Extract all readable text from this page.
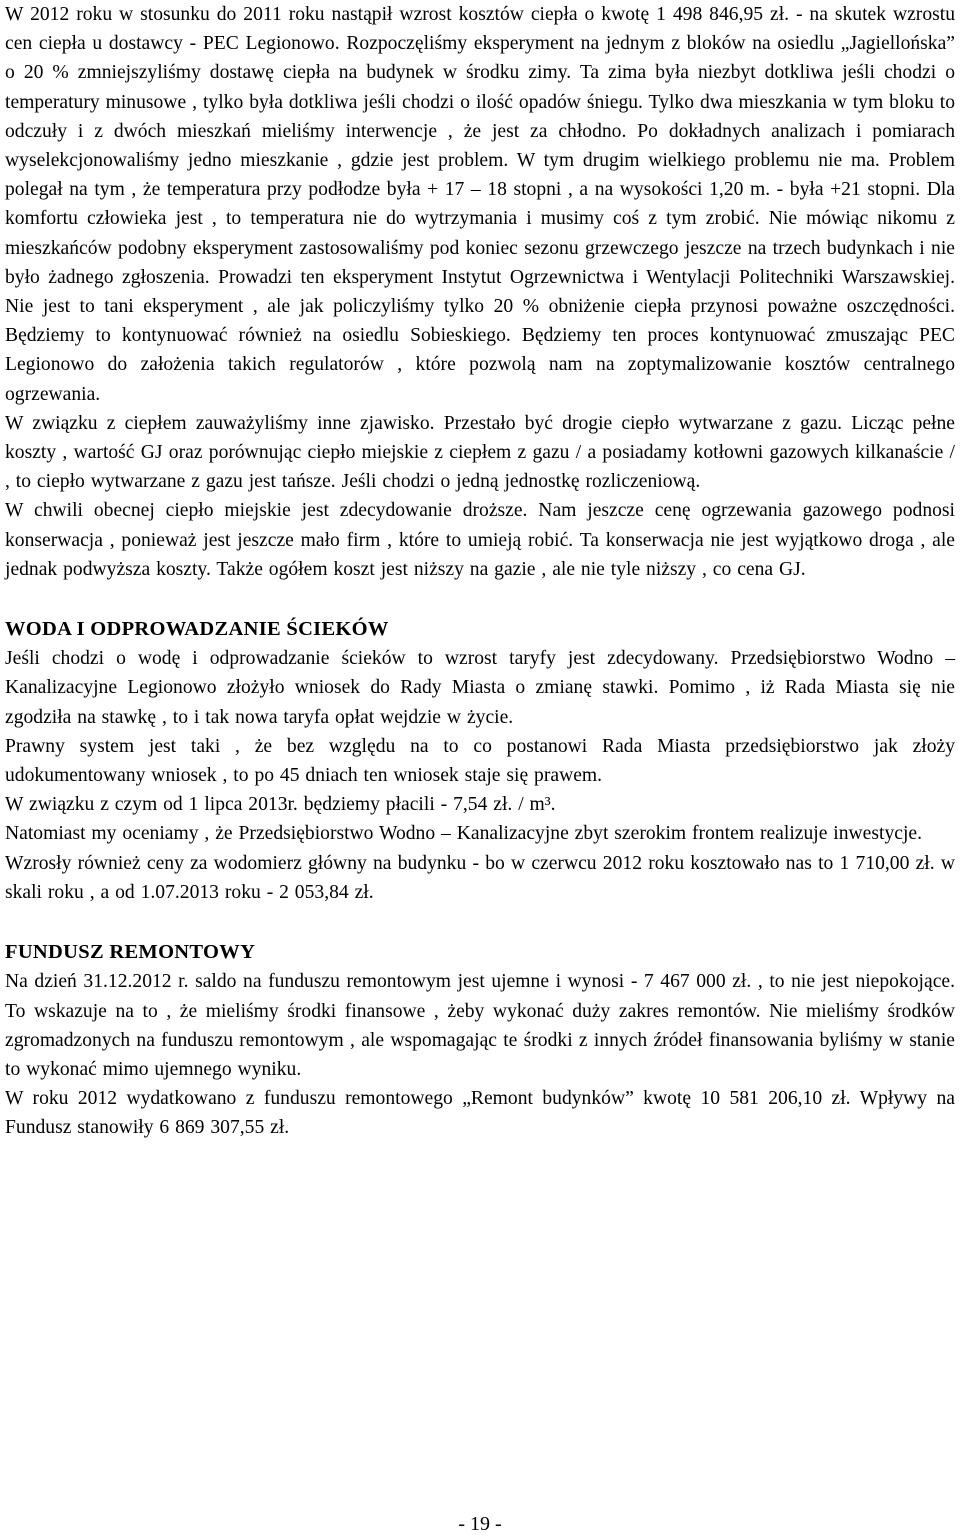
W 2012 roku w stosunku do 2011 roku nastąpił wzrost kosztów ciepła o kwotę 1 498 846,95 zł. - na skutek wzrostu cen ciepła u dostawcy - PEC Legionowo. Rozpoczęliśmy eksperyment na jednym z bloków na osiedlu „Jagiellońska” o 20 % zmniejszyliśmy dostawę ciepła na budynek w środku zimy. Ta zima była niezbyt dotkliwa jeśli chodzi o temperatury minusowe , tylko była dotkliwa jeśli chodzi o ilość opadów śniegu. Tylko dwa mieszkania w tym bloku to odczuły i z dwóch mieszkań mieliśmy interwencje , że jest za chłodno. Po dokładnych analizach i pomiarach wyselekcjonowaliśmy jedno mieszkanie , gdzie jest problem. W tym drugim wielkiego problemu nie ma. Problem polegał na tym , że temperatura przy podłodze była + 17 – 18 stopni , a na wysokości 1,20 m. - była +21 stopni. Dla komfortu człowieka jest , to temperatura nie do wytrzymania i musimy coś z tym zrobić. Nie mówiąc nikomu z mieszkańców podobny eksperyment zastosowaliśmy pod koniec sezonu grzewczego jeszcze na trzech budynkach i nie było żadnego zgłoszenia. Prowadzi ten eksperyment Instytut Ogrzewnictwa i Wentylacji Politechniki Warszawskiej. Nie jest to tani eksperyment , ale jak policzyliśmy tylko 20 % obniżenie ciepła przynosi poważne oszczędności. Będziemy to kontynuować również na osiedlu Sobieskiego. Będziemy ten proces kontynuować zmuszając PEC Legionowo do założenia takich regulatorów , które pozwolą nam na zoptymalizowanie kosztów centralnego ogrzewania.

W związku z ciepłem zauważyliśmy inne zjawisko. Przestało być drogie ciepło wytwarzane z gazu. Licząc pełne koszty , wartość GJ oraz porównując ciepło miejskie z ciepłem z gazu / a posiadamy kotłowni gazowych kilkanaście / , to ciepło wytwarzane z gazu jest tańsze. Jeśli chodzi o jedną jednostkę rozliczeniową.

W chwili obecnej ciepło miejskie jest zdecydowanie droższe. Nam jeszcze cenę ogrzewania gazowego podnosi konserwacja , ponieważ jest jeszcze mało firm , które to umieją robić. Ta konserwacja nie jest wyjątkowo droga , ale jednak podwyższa koszty. Także ogółem koszt jest niższy na gazie , ale nie tyle niższy , co cena GJ.

WODA I ODPROWADZANIE ŚCIEKÓW

Jeśli chodzi o wodę i odprowadzanie ścieków to wzrost taryfy jest zdecydowany. Przedsiębiorstwo Wodno – Kanalizacyjne Legionowo złożyło wniosek do Rady Miasta o zmianę stawki. Pomimo , iż Rada Miasta się nie zgodziła na stawkę , to i tak nowa taryfa opłat wejdzie w życie.

Prawny system jest taki , że bez względu na to co postanowi Rada Miasta przedsiębiorstwo jak złoży udokumentowany wniosek , to po 45 dniach ten wniosek staje się prawem.

W związku z czym od 1 lipca 2013r. będziemy płacili - 7,54 zł. / m³.

Natomiast my oceniamy , że Przedsiębiorstwo Wodno – Kanalizacyjne zbyt szerokim frontem realizuje inwestycje.

Wzrosły również ceny za wodomierz główny na budynku - bo w czerwcu 2012 roku kosztowało nas to 1 710,00 zł. w skali roku , a od 1.07.2013 roku - 2 053,84 zł.

FUNDUSZ REMONTOWY

Na dzień 31.12.2012 r. saldo na funduszu remontowym jest ujemne i wynosi - 7 467 000 zł. , to nie jest niepokojące. To wskazuje na to , że mieliśmy środki finansowe , żeby wykonać duży zakres remontów. Nie mieliśmy środków zgromadzonych na funduszu remontowym , ale wspomagając te środki z innych źródeł finansowania byliśmy w stanie to wykonać mimo ujemnego wyniku.

W roku 2012 wydatkowano z funduszu remontowego „Remont budynków” kwotę 10 581 206,10 zł. Wpływy na Fundusz stanowiły 6 869 307,55 zł.

- 19 -
